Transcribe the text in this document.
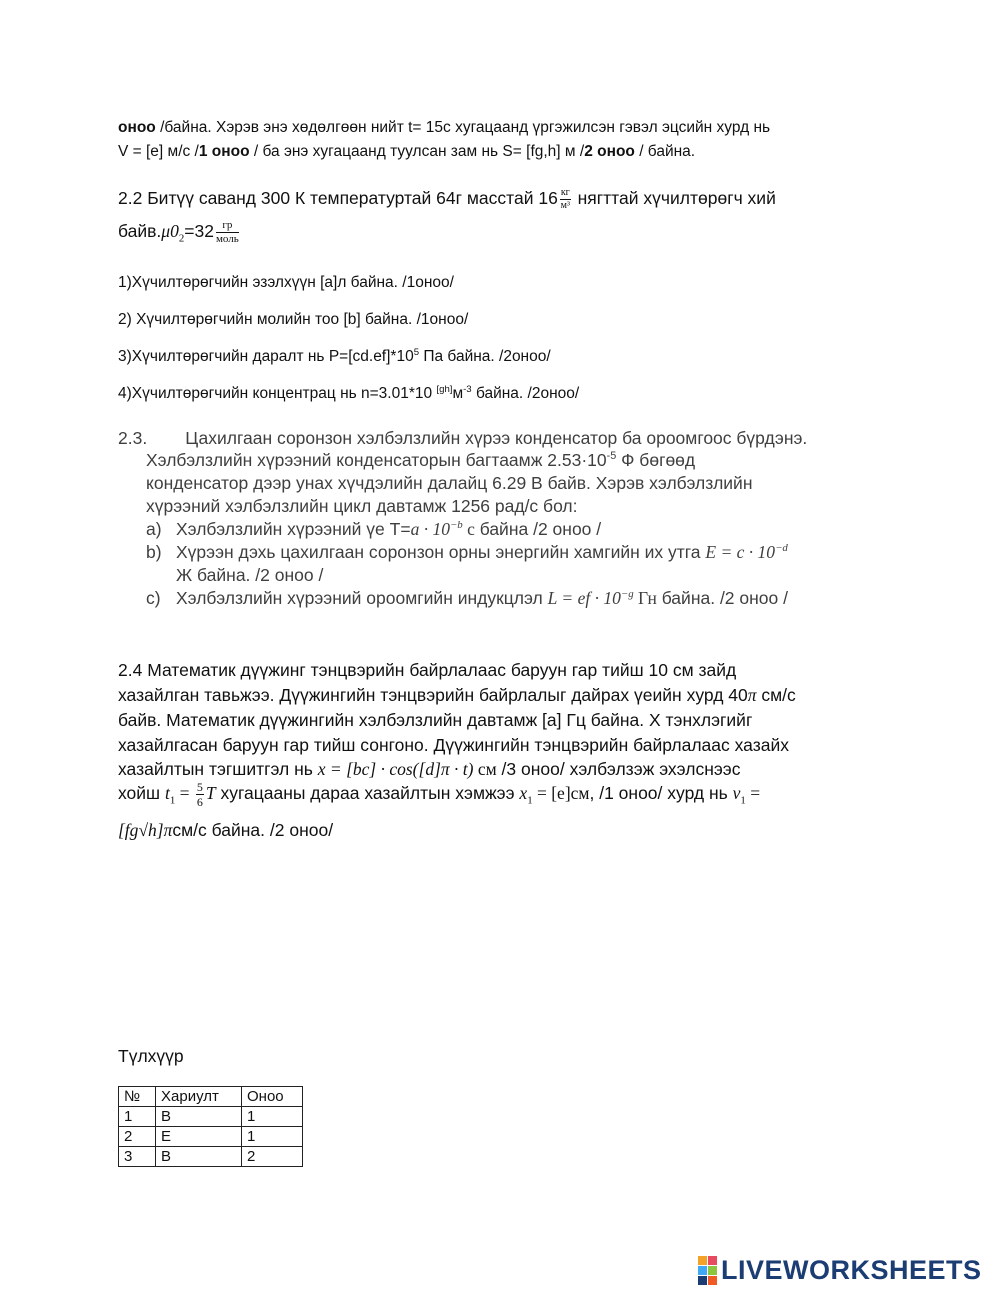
оноо /байна. Хэрэв энэ хөдөлгөөн нийт t= 15с хугацаанд үргэжилсэн гэвэл эцсийн хурд нь
V = [e] м/с /1 оноо / ба энэ хугацаанд туулсан зам нь S= [fg,h] м /2 оноо / байна.
2.2 Битүү саванд 300 К температуртай 64г масстай $16 \frac{кг}{\text{м³}}$ нягттай хүчилтөрөгч хий
$байв.\mu 0_2=32 \frac{гр}{\text{моль}}$
1)Хүчилтөрөгчийн эзэлхүүн [a]л байна. /1оноо/
2) Хүчилтөрөгчийн молийн тоо [b] байна. /1оноо/
3)Хүчилтөрөгчийн даралт нь $P=[cd.ef]*10^5$ Па байна. /2оноо/
4)Хүчилтөрөгчийн концентрац нь n=3.01*10 $[gh]м^{-3}$ байна. /2оноо/
2.3. Цахилгаан соронзон хэлбэлзлийн хүрээ конденсатор ба ороомгоос бүрдэнэ.
Хэлбэлзлийн хүрээний конденсаторын багтаамж $2.53\cdot 10^{-5}$ Ф бөгөөд
конденсатор дээр унах хүчдэлийн далайц 6.29 В байв. Хэрэв хэлбэлзлийн
хүрээний хэлбэлзлийн цикл давтамж 1256 рад/с бол:
a) Хэлбэлзлийн хүрээний үе $T=a \cdot 10^{-b}$ с байна /2 оноо /
b) Хүрээн дэхь цахилгаан соронзон орны энергийн хамгийн их утга $E = c \cdot 10^{-d}$
Ж байна. /2 оноо /
c) Хэлбэлзлийн хүрээний ороомгийн индукцлэл L = ef · $10^{-g}$ Гн байна. /2 оноо /
2.4 Математик дүүжинг тэнцвэрийн байрлалаас баруун гар тийш 10 см зайд
хазайлган тавьжээ. Дүүжингийн тэнцвэрийн байрлалыг дайрах үеийн хурд 40π см/с
байв. Математик дүүжингийн хэлбэлзлийн давтамж [a] Гц байна. X тэнхлэгийг
хазайлгасан баруун гар тийш сонгоно. Дүүжингийн тэнцвэрийн байрлалаас хазайх
хазайлтын тэгшитгэл нь x = [bc] · cos([d]π · t) см /3 оноо/ хэлбэлзэж эхэлснээс
хойш $t_1 = \frac{5}{6}$ T хугацааны дараа хазайлтын хэмжээ $x_1 = [e]см$, /1 оноо/ хурд нь $v_1$ =
[fg√h]πсм/с байна. /2 оноо/
Түлхүүр
№	Хариулт	Оноо
1	B	1
2	E	1
3	B	2
LIVEWORKSHEETS
